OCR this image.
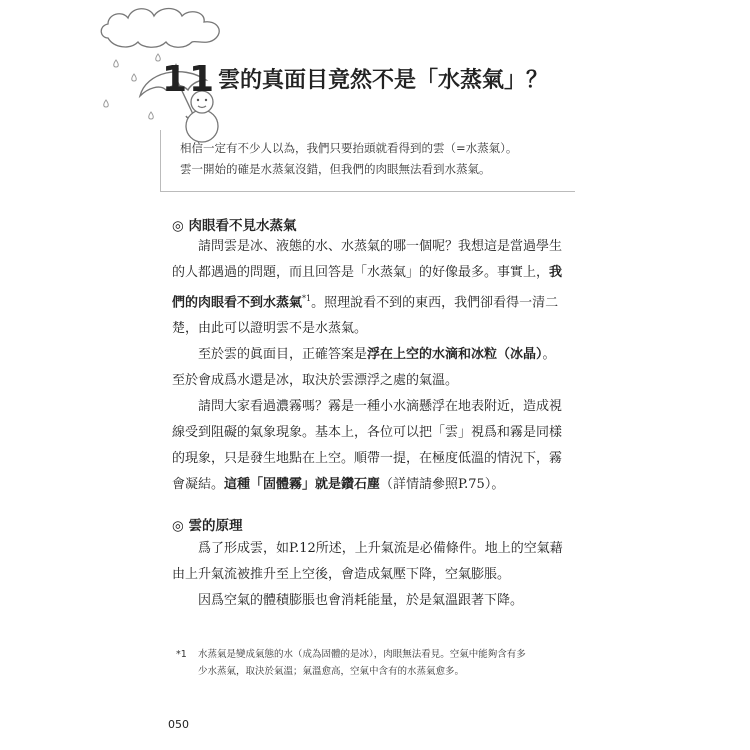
11 雲的真面目竟然不是「水蒸氣」？

相信一定有不少人以為，我們只要抬頭就看得到的雲（=水蒸氣）。

雲一開始的確是水蒸氣沒錯，但我們的肉眼無法看到水蒸氣。

◎ 肉眼看不見水蒸氣

請問雲是冰、液態的水、水蒸氣的哪一個呢？我想這是當過學生
的人都遇過的問題，而且回答是「水蒸氣」的好像最多。事實上，我
們的肉眼看不到水蒸氣$^{*1}$。照理說看不到的東西，我們卻看得一清二
楚，由此可以證明雲不是水蒸氣。

至於雲的眞面目，正確答案是浮在上空的水滴和冰粒（冰晶）。
至於會成爲水還是冰，取決於雲漂浮之處的氣溫。

請問大家看過濃霧嗎？霧是一種小水滴懸浮在地表附近，造成視
線受到阻礙的氣象現象。基本上，各位可以把「雲」視爲和霧是同樣
的現象，只是發生地點在上空。順帶一提，在極度低溫的情況下，霧
會凝結。這種「固體霧」就是鑽石塵（詳情請參照P.75）。

◎ 雲的原理

爲了形成雲，如P.12所述，上升氣流是必備條件。地上的空氣藉
由上升氣流被推升至上空後，會造成氣壓下降，空氣膨脹。
因爲空氣的體積膨脹也會消耗能量，於是氣溫跟著下降。

*1 水蒸氣是變成氣態的水（成為固體的是冰），肉眼無法看見。空氣中能夠含有多
少水蒸氣，取決於氣溫；氣溫愈高，空氣中含有的水蒸氣愈多。
050
